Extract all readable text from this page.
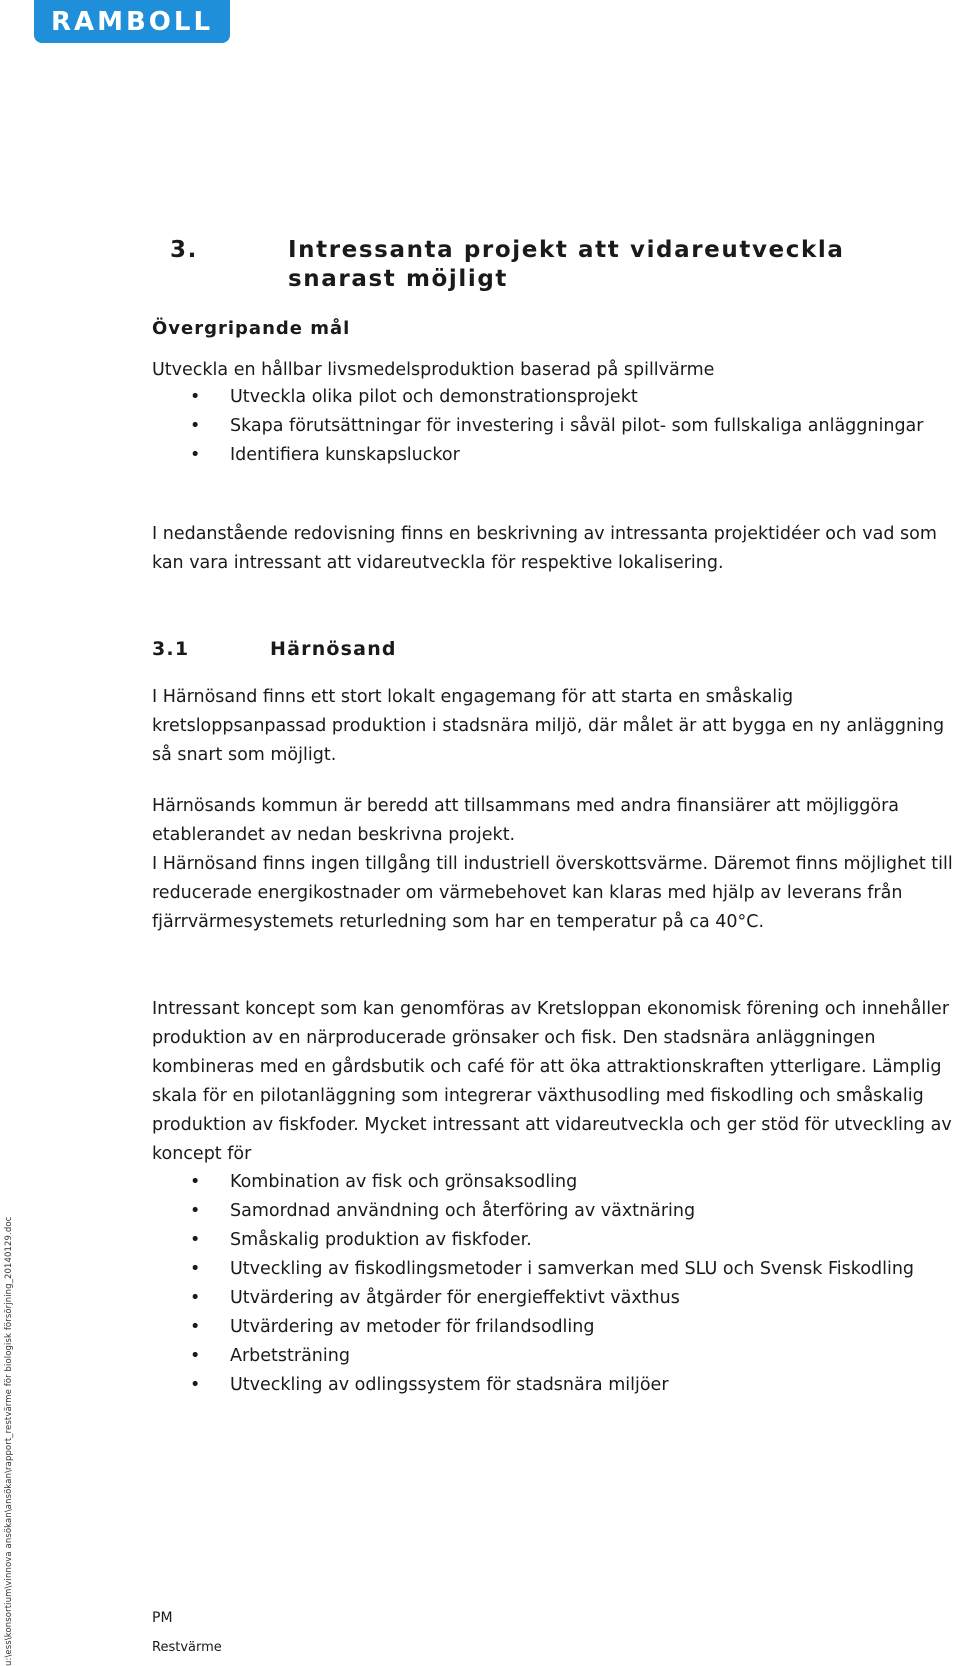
RAMBOLL
u:\ess\konsortium\vinnova ansökan\ansökan\rapport_restvärme för biologisk försörjning_20140129.doc
3.	Intressanta projekt att vidareutveckla snarast möjligt
Övergripande mål
Utveckla en hållbar livsmedelsproduktion baserad på spillvärme
• Utveckla olika pilot och demonstrationsprojekt
• Skapa förutsättningar för investering i såväl pilot- som fullskaliga anläggningar
• Identifiera kunskapsluckor
I nedanstående redovisning finns en beskrivning av intressanta projektidéer och vad som kan vara intressant att vidareutveckla för respektive lokalisering.
3.1	Härnösand
I Härnösand finns ett stort lokalt engagemang för att starta en småskalig kretsloppsanpassad produktion i stadsnära miljö, där målet är att bygga en ny anläggning så snart som möjligt.
Härnösands kommun är beredd att tillsammans med andra finansiärer att möjliggöra etablerandet av nedan beskrivna projekt.
I Härnösand finns ingen tillgång till industriell överskottsvärme. Däremot finns möjlighet till reducerade energikostnader om värmebehovet kan klaras med hjälp av leverans från fjärrvärmesystemets returledning som har en temperatur på ca 40°C.
Intressant koncept som kan genomföras av Kretsloppan ekonomisk förening och innehåller produktion av en närproducerade grönsaker och fisk. Den stadsnära anläggningen kombineras med en gårdsbutik och café för att öka attraktionskraften ytterligare. Lämplig skala för en pilotanläggning som integrerar växthusodling med fiskodling och småskalig produktion av fiskfoder. Mycket intressant att vidareutveckla och ger stöd för utveckling av koncept för
• Kombination av fisk och grönsaksodling
• Samordnad användning och återföring av växtnäring
• Småskalig produktion av fiskfoder.
• Utveckling av fiskodlingsmetoder i samverkan med SLU och Svensk Fiskodling
• Utvärdering av åtgärder för energieffektivt växthus
• Utvärdering av metoder för frilandsodling
• Arbetsträning
• Utveckling av odlingssystem för stadsnära miljöer
PM
Restvärme
